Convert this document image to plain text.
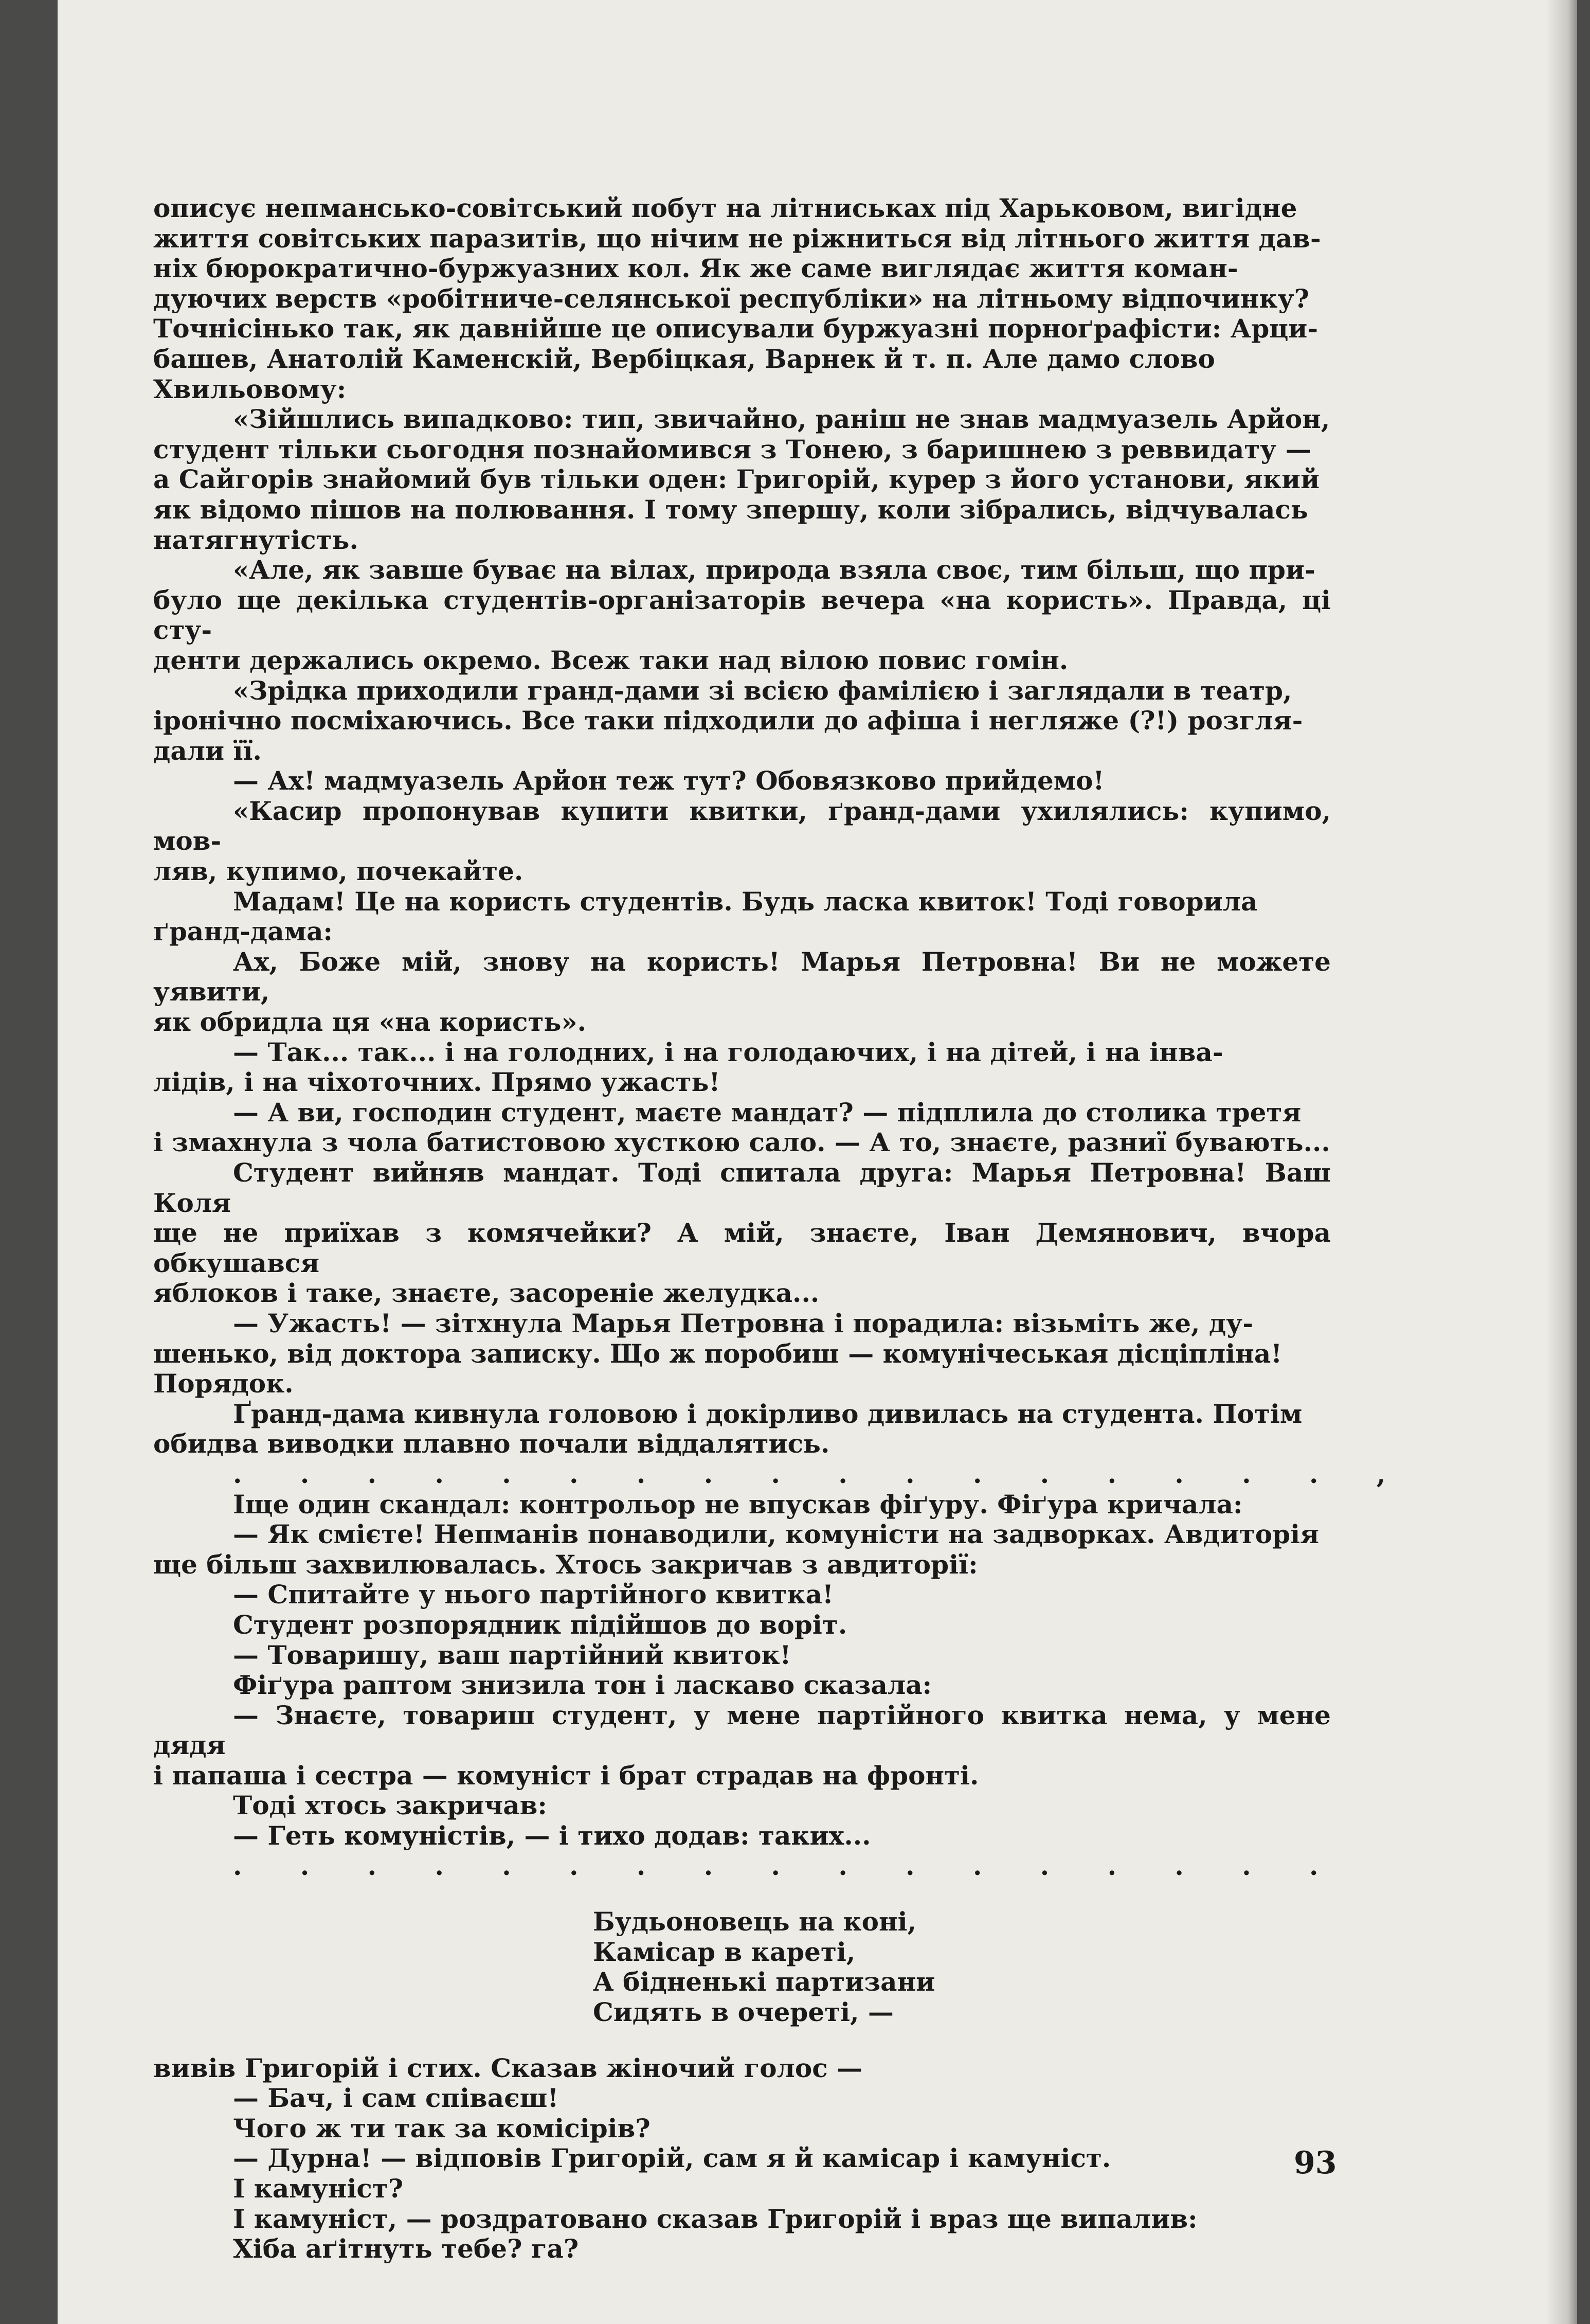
описує непмансько-совітський побут на літниськах під Харьковом, вигідне
життя совітських паразитів, що нічим не ріжниться від літнього життя дав-
ніх бюрократично-буржуазних кол. Як же саме виглядає життя коман-
дуючих верств «робітниче-селянської республіки» на літньому відпочинку?
Точнісінько так, як давнійше це описували буржуазні порноґрафісти: Арци-
башев, Анатолій Каменскій, Вербіцкая, Варнек й т. п. Але дамо слово
Хвильовому:

«Зійшлись випадково: тип, звичайно, раніш не знав мадмуазель Арйон,
студент тільки сьогодня познайомився з Тонею, з баришнею з реввидату —
а Сайгорів знайомий був тільки оден: Григорій, курер з його установи, який
як відомо пішов на полювання. І тому зпершу, коли зібрались, відчувалась
натягнутість.

«Але, як завше буває на вілах, природа взяла своє, тим більш, що при-
було ще декілька студентів-організаторів вечера «на користь». Правда, ці сту-
денти держались окремо. Всеж таки над вілою повис гомін.

«Зрідка приходили гранд-дами зі всією фамілією і заглядали в театр,
іронічно посміхаючись. Все таки підходили до афіша і негляже (?!) розгля-
дали її.

— Ах! мадмуазель Арйон теж тут? Обовязково прийдемо!

«Касир пропонував купити квитки, ґранд-дами ухилялись: купимо, мов-
ляв, купимо, почекайте.

Мадам! Це на користь студентів. Будь ласка квиток! Тоді говорила
ґранд-дама:

Ах, Боже мій, знову на користь! Марья Петровна! Ви не можете уявити,
як обридла ця «на користь».

— Так... так... і на голодних, і на голодаючих, і на дітей, і на інва-
лідів, і на чіхоточних. Прямо ужасть!

— А ви, господин студент, маєте мандат? — підплила до столика третя
і змахнула з чола батистовою хусткою сало. — А то, знаєте, разниї бувають...

Студент вийняв мандат. Тоді спитала друга: Марья Петровна! Ваш Коля
ще не приїхав з комячейки? А мій, знаєте, Іван Демянович, вчора обкушався
яблоков і таке, знаєте, засореніе желудка...

— Ужасть! — зітхнула Марья Петровна і порадила: візьміть же, ду-
шенько, від доктора записку. Що ж поробиш — комунічеськая дісціпліна!
Порядок.

Ґранд-дама кивнула головою і докірливо дивилась на студента. Потім
обидва виводки плавно почали віддалятись.

. . . . . . . . . . . . . . . . . ,

Іще один скандал: контрольор не впускав фіґуру. Фіґура кричала:

— Як смієте! Непманів понаводили, комуністи на задворках. Авдиторія
ще більш захвилювалась. Хтось закричав з авдиторії:

— Спитайте у нього партійного квитка!

Студент розпорядник підійшов до воріт.

— Товаришу, ваш партійний квиток!

Фіґура раптом знизила тон і ласкаво сказала:

— Знаєте, товариш студент, у мене партійного квитка нема, у мене дядя
і папаша і сестра — комуніст і брат страдав на фронті.

Тоді хтось закричав:

— Геть комуністів, — і тихо додав: таких...

. . . . . . . . . . . . . . . . .

Будьоновець на коні,
Камісар в кареті,
А бідненькі партизани
Сидять в очереті, —

вивів Григорій і стих. Сказав жіночий голос —

— Бач, і сам співаєш!

Чого ж ти так за комісірів?

— Дурна! — відповів Григорій, сам я й камісар і камуніст.

І камуніст?

І камуніст, — роздратовано сказав Григорій і враз ще випалив:

Хіба аґітнуть тебе? га?

93
